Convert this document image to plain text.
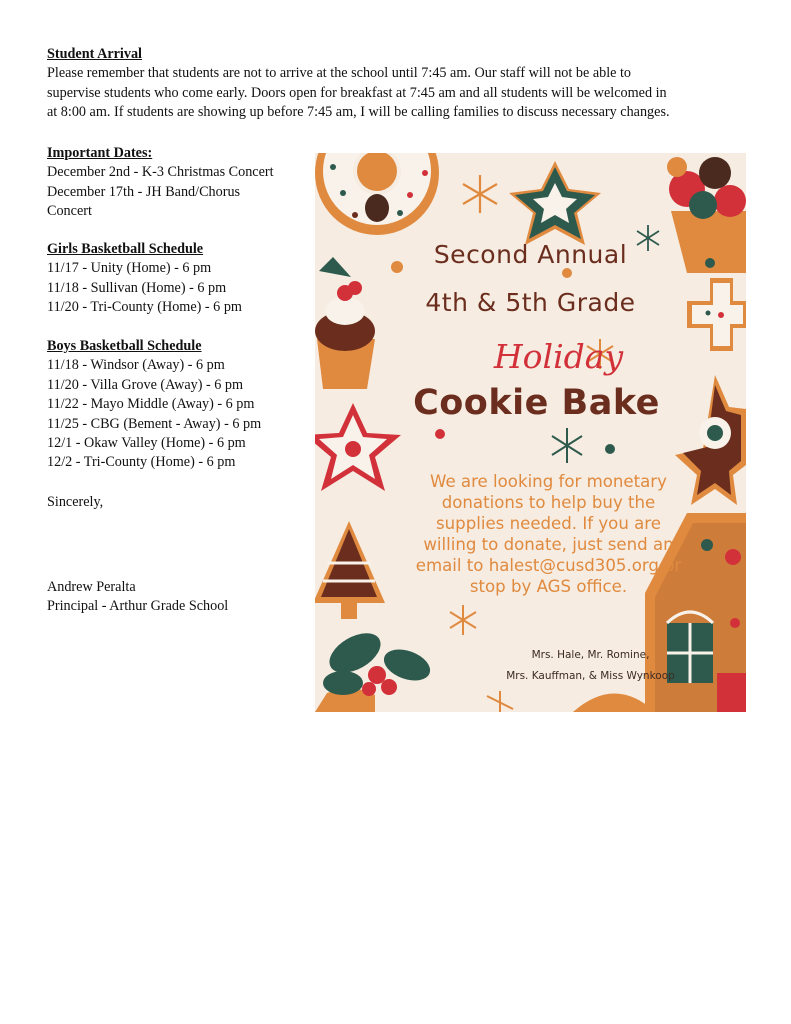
Student Arrival
Please remember that students are not to arrive at the school until 7:45 am. Our staff will not be able to
supervise students who come early. Doors open for breakfast at 7:45 am and all students will be welcomed in
at 8:00 am. If students are showing up before 7:45 am, I will be calling families to discuss necessary changes.
Important Dates:
December 2nd - K-3 Christmas Concert
December 17th - JH Band/Chorus
Concert
Girls Basketball Schedule
11/17 - Unity (Home) - 6 pm
11/18 - Sullivan (Home) - 6 pm
11/20 - Tri-County (Home) - 6 pm
Boys Basketball Schedule
11/18 - Windsor (Away) - 6 pm
11/20 - Villa Grove (Away) - 6 pm
11/22 - Mayo Middle (Away) - 6 pm
11/25 - CBG (Bement - Away) - 6 pm
12/1 - Okaw Valley (Home) - 6 pm
12/2 - Tri-County (Home) - 6 pm
Sincerely,
Andrew Peralta
Principal - Arthur Grade School
Second Annual
4th & 5th Grade
Holiday
Cookie Bake
We are looking for monetary
donations to help buy the
supplies needed. If you are
willing to donate, just send an
email to halest@cusd305.org or
stop by AGS office.
Mrs. Hale, Mr. Romine,
Mrs. Kauffman, & Miss Wynkoop
